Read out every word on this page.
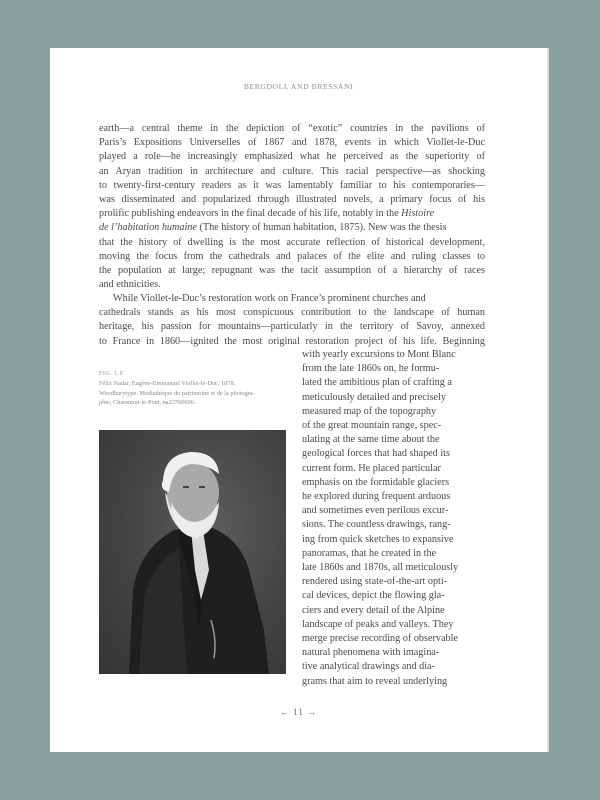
BERGDOLL AND BRESSANI
earth—a central theme in the depiction of “exotic” countries in the pavilions of
Paris’s Expositions Universelles of 1867 and 1878, events in which Viollet-le-Duc
played a role—he increasingly emphasized what he perceived as the superiority of
an Aryan tradition in architecture and culture. This racial perspective—as shocking
to twenty-first-century readers as it was lamentably familiar to his contemporaries—
was disseminated and popularized through illustrated novels, a primary focus of his
prolific publishing endeavors in the final decade of his life, notably in the Histoire
de l’habitation humaine (The history of human habitation, 1875). New was the thesis
that the history of dwelling is the most accurate reflection of historical development,
moving the focus from the cathedrals and palaces of the elite and ruling classes to
the population at large; repugnant was the tacit assumption of a hierarchy of races
and ethnicities.
While Viollet-le-Duc’s restoration work on France’s prominent churches and
cathedrals stands as his most conspicuous contribution to the landscape of human
heritage, his passion for mountains—particularly in the territory of Savoy, annexed
to France in 1860—ignited the most original restoration project of his life. Beginning
with yearly excursions to Mont Blanc
from the late 1860s on, he formu-
lated the ambitious plan of crafting a
meticulously detailed and precisely
measured map of the topography
of the great mountain range, spec-
ulating at the same time about the
geological forces that had shaped its
current form. He placed particular
emphasis on the formidable glaciers
he explored during frequent arduous
and sometimes even perilous excur-
sions. The countless drawings, rang-
ing from quick sketches to expansive
panoramas, that he created in the
late 1860s and 1870s, all meticulously
rendered using state-of-the-art opti-
cal devices, depict the flowing gla-
ciers and every detail of the Alpine
landscape of peaks and valleys. They
merge precise recording of observable
natural phenomena with imagina-
tive analytical drawings and dia-
grams that aim to reveal underlying
FIG. 1.6
Félix Nadar, Eugène-Emmanuel Viollet-le-Duc, 1878.
Woodburytype. Médiathèque du patrimoine et de la photogra-
phie, Charenton-le-Pont, na23700606.
← 11 →
